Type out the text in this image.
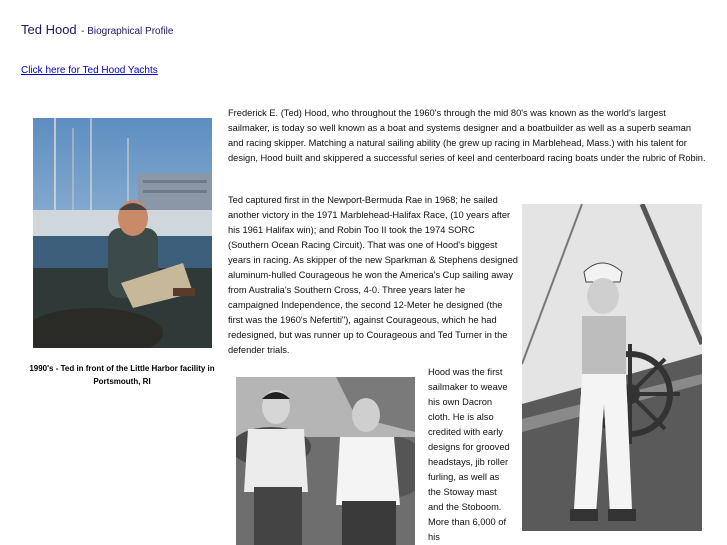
Ted Hood - Biographical Profile
Click here for Ted Hood Yachts
1990's - Ted in front of the Little Harbor facility in Portsmouth, RI

Frederick E. (Ted) Hood, who throughout the 1960's through the mid 80's was known as the world's largest sailmaker, is today so well known as a boat and systems designer and a boatbuilder as well as a superb seaman and racing skipper. Matching a natural sailing ability (he grew up racing in Marblehead, Mass.) with his talent for design, Hood built and skippered a successful series of keel and centerboard racing boats under the rubric of Robin.

Ted captured first in the Newport-Bermuda Rae in 1968; he sailed another victory in the 1971 Marblehead-Halifax Race, (10 years after his 1961 Halifax win); and Robin Too II took the 1974 SORC (Southern Ocean Racing Circuit). That was one of Hood's biggest years in racing. As skipper of the new Sparkman & Stephens designed aluminum-hulled Courageous he won the America's Cup sailing away from Australia's Southern Cross, 4-0. Three years later he campaigned Independence, the second 12-Meter he designed (the first was the 1960's Nefertiti"), against Courageous, which he had redesigned, but was runner up to Courageous and Ted Turner in the defender trials.

Hood was the first sailmaker to weave his own Dacron cloth. He is also credited with early designs for grooved headstays, jib roller furling, as well as the Stoway mast and the Stoboom. More than 6,000 of his
